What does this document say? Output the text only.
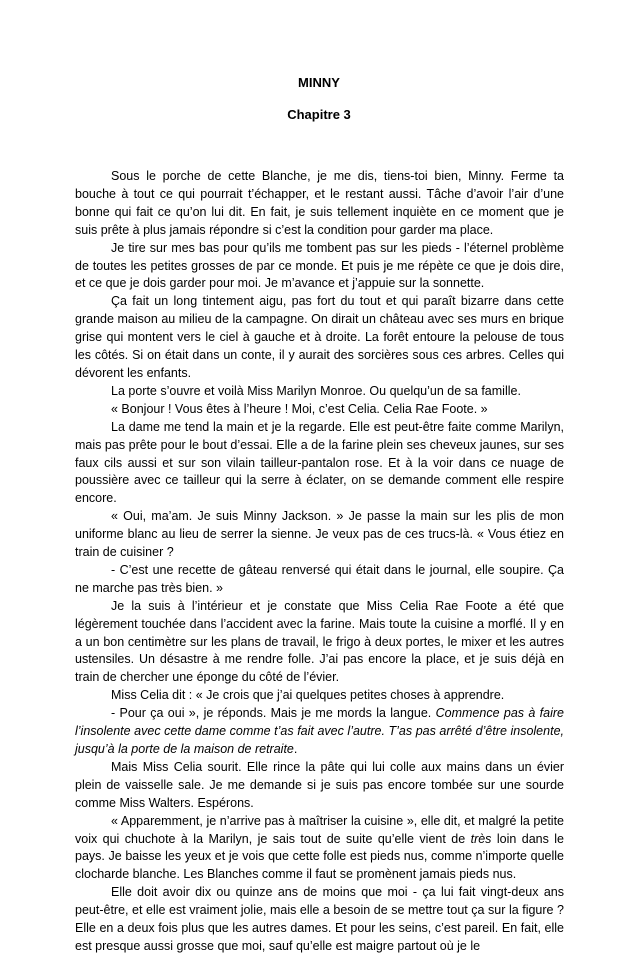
MINNY
Chapitre 3

Sous le porche de cette Blanche, je me dis, tiens-toi bien, Minny. Ferme ta bouche à tout ce qui pourrait t’échapper, et le restant aussi. Tâche d’avoir l’air d’une bonne qui fait ce qu’on lui dit. En fait, je suis tellement inquiète en ce moment que je suis prête à plus jamais répondre si c’est la condition pour garder ma place.

Je tire sur mes bas pour qu’ils me tombent pas sur les pieds - l’éternel problème de toutes les petites grosses de par ce monde. Et puis je me répète ce que je dois dire, et ce que je dois garder pour moi. Je m’avance et j’appuie sur la sonnette.

Ça fait un long tintement aigu, pas fort du tout et qui paraît bizarre dans cette grande maison au milieu de la campagne. On dirait un château avec ses murs en brique grise qui montent vers le ciel à gauche et à droite. La forêt entoure la pelouse de tous les côtés. Si on était dans un conte, il y aurait des sorcières sous ces arbres. Celles qui dévorent les enfants.

La porte s’ouvre et voilà Miss Marilyn Monroe. Ou quelqu’un de sa famille.

« Bonjour ! Vous êtes à l’heure ! Moi, c’est Celia. Celia Rae Foote. »

La dame me tend la main et je la regarde. Elle est peut-être faite comme Marilyn, mais pas prête pour le bout d’essai. Elle a de la farine plein ses cheveux jaunes, sur ses faux cils aussi et sur son vilain tailleur-pantalon rose. Et à la voir dans ce nuage de poussière avec ce tailleur qui la serre à éclater, on se demande comment elle respire encore.

« Oui, ma’am. Je suis Minny Jackson. » Je passe la main sur les plis de mon uniforme blanc au lieu de serrer la sienne. Je veux pas de ces trucs-là. « Vous étiez en train de cuisiner ?

- C’est une recette de gâteau renversé qui était dans le journal, elle soupire. Ça ne marche pas très bien. »

Je la suis à l’intérieur et je constate que Miss Celia Rae Foote a été que légèrement touchée dans l’accident avec la farine. Mais toute la cuisine a morflé. Il y en a un bon centimètre sur les plans de travail, le frigo à deux portes, le mixer et les autres ustensiles. Un désastre à me rendre folle. J’ai pas encore la place, et je suis déjà en train de chercher une éponge du côté de l’évier.

Miss Celia dit : « Je crois que j’ai quelques petites choses à apprendre.

- Pour ça oui », je réponds. Mais je me mords la langue. Commence pas à faire l’insolente avec cette dame comme t’as fait avec l’autre. T’as pas arrêté d’être insolente, jusqu’à la porte de la maison de retraite.

Mais Miss Celia sourit. Elle rince la pâte qui lui colle aux mains dans un évier plein de vaisselle sale. Je me demande si je suis pas encore tombée sur une sourde comme Miss Walters. Espérons.

« Apparemment, je n’arrive pas à maîtriser la cuisine », elle dit, et malgré la petite voix qui chuchote à la Marilyn, je sais tout de suite qu’elle vient de très loin dans le pays. Je baisse les yeux et je vois que cette folle est pieds nus, comme n’importe quelle clocharde blanche. Les Blanches comme il faut se promènent jamais pieds nus.

Elle doit avoir dix ou quinze ans de moins que moi - ça lui fait vingt-deux ans peut-être, et elle est vraiment jolie, mais elle a besoin de se mettre tout ça sur la figure ? Elle en a deux fois plus que les autres dames. Et pour les seins, c’est pareil. En fait, elle est presque aussi grosse que moi, sauf qu’elle est maigre partout où je le
